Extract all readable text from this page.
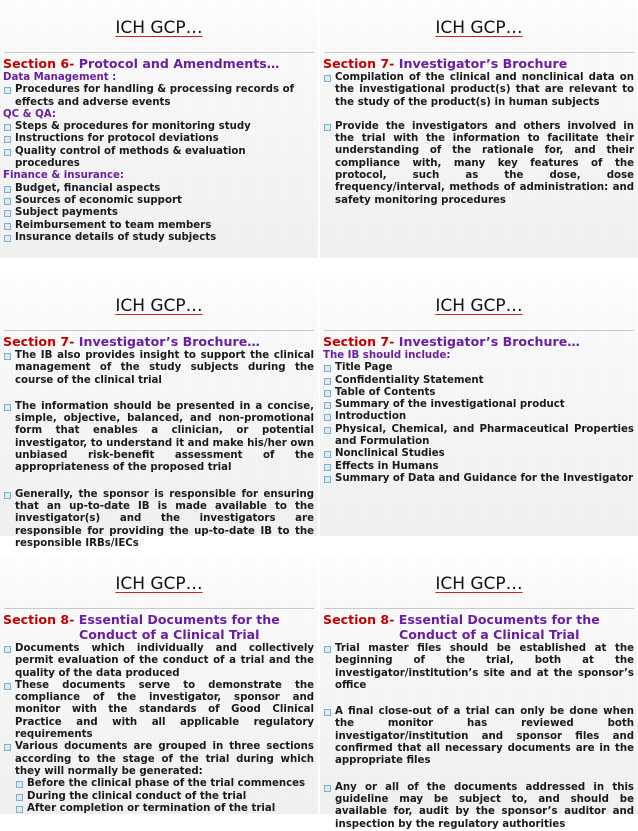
ICH GCP…
Section 6- Protocol and Amendments…
Data Management :
Procedures for handling & processing records of effects and adverse events
QC & QA:
Steps & procedures for monitoring study
Instructions for protocol deviations
Quality control of methods & evaluation procedures
Finance & insurance:
Budget, financial aspects
Sources of economic support
Subject payments
Reimbursement to team members
Insurance details of study subjects
ICH GCP…
Section 7- Investigator’s Brochure
Compilation of the clinical and nonclinical data on the investigational product(s) that are relevant to the study of the product(s) in human subjects
Provide the investigators and others involved in the trial with the information to facilitate their understanding of the rationale for, and their compliance with, many key features of the protocol, such as the dose, dose frequency/interval, methods of administration: and safety monitoring procedures
ICH GCP…
Section 7- Investigator’s Brochure…
The IB also provides insight to support the clinical management of the study subjects during the course of the clinical trial
The information should be presented in a concise, simple, objective, balanced, and non-promotional form that enables a clinician, or potential investigator, to understand it and make his/her own unbiased risk-benefit assessment of the appropriateness of the proposed trial
Generally, the sponsor is responsible for ensuring that an up-to-date IB is made available to the investigator(s) and the investigators are responsible for providing the up-to-date IB to the responsible IRBs/IECs
ICH GCP…
Section 7- Investigator’s Brochure…
The IB should include:
Title Page
Confidentiality Statement
Table of Contents
Summary of the investigational product
Introduction
Physical, Chemical, and Pharmaceutical Properties and Formulation
Nonclinical Studies
Effects in Humans
Summary of Data and Guidance for the Investigator
ICH GCP…
Section 8- Essential Documents for the Conduct of a Clinical Trial
Documents which individually and collectively permit evaluation of the conduct of a trial and the quality of the data produced
These documents serve to demonstrate the compliance of the investigator, sponsor and monitor with the standards of Good Clinical Practice and with all applicable regulatory requirements
Various documents are grouped in three sections according to the stage of the trial during which they will normally be generated:
Before the clinical phase of the trial commences
During the clinical conduct of the trial
After completion or termination of the trial
ICH GCP…
Section 8- Essential Documents for the Conduct of a Clinical Trial
Trial master files should be established at the beginning of the trial, both at the investigator/institution’s site and at the sponsor’s office
A final close-out of a trial can only be done when the monitor has reviewed both investigator/institution and sponsor files and confirmed that all necessary documents are in the appropriate files
Any or all of the documents addressed in this guideline may be subject to, and should be available for, audit by the sponsor’s auditor and inspection by the regulatory authorities
